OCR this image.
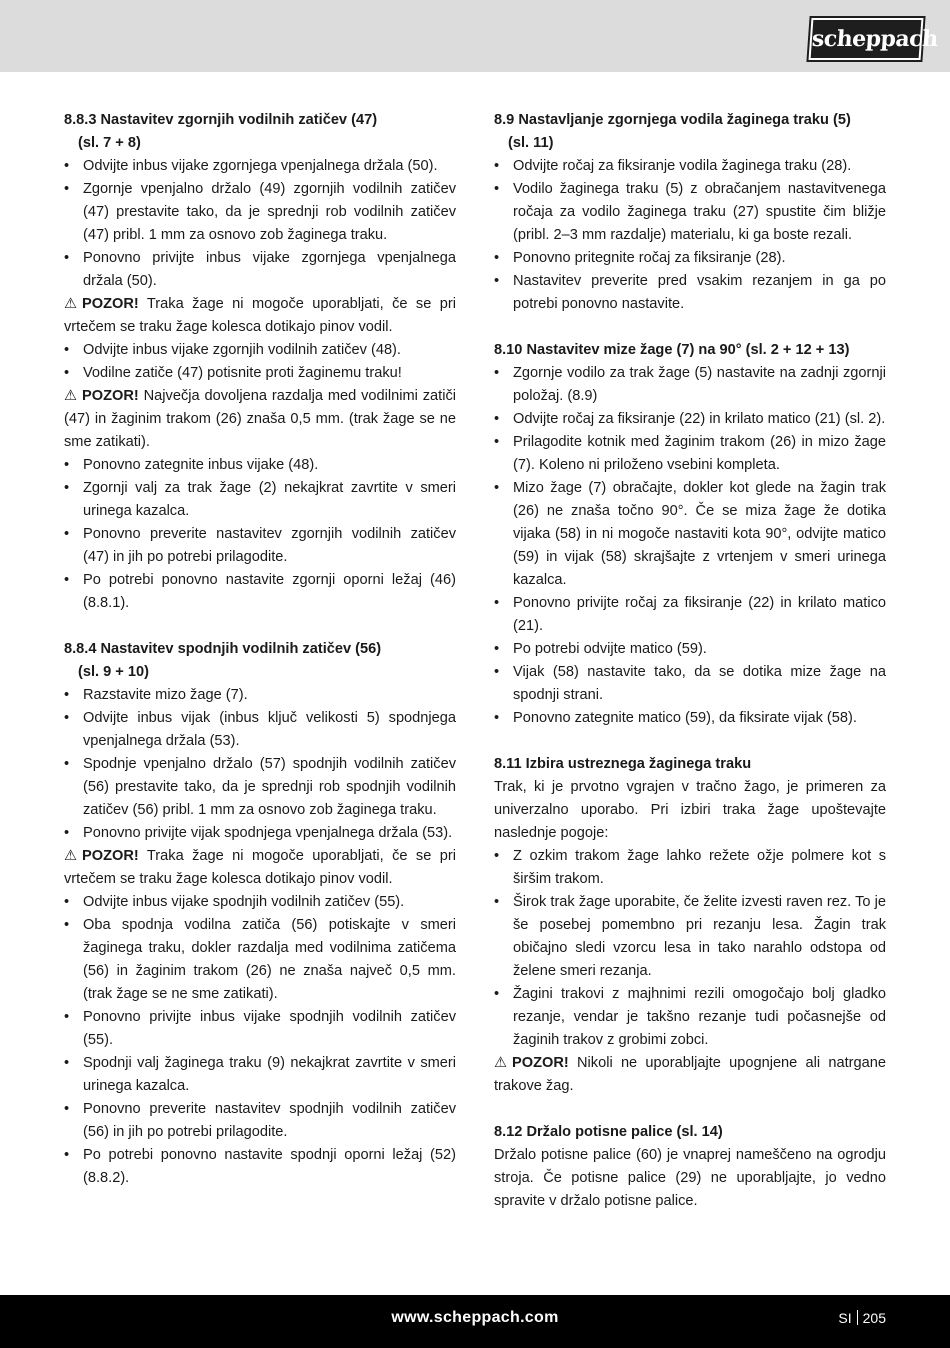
scheppach
8.8.3 Nastavitev zgornjih vodilnih zatičev (47)
(sl. 7 + 8)
• Odvijte inbus vijake zgornjega vpenjalnega držala (50).
• Zgornje vpenjalno držalo (49) zgornjih vodilnih zatičev (47) prestavite tako, da je sprednji rob vodilnih zatičev (47) pribl. 1 mm za osnovo zob žaginega traku.
• Ponovno privijte inbus vijake zgornjega vpenjalnega držala (50).

⚠ POZOR! Traka žage ni mogoče uporabljati, če se pri vrtečem se traku žage kolesca dotikajo pinov vodil.

• Odvijte inbus vijake zgornjih vodilnih zatičev (48).
• Vodilne zatiče (47) potisnite proti žaginemu traku!

⚠ POZOR! Največja dovoljena razdalja med vodilnimi zatiči (47) in žaginim trakom (26) znaša 0,5 mm. (trak žage se ne sme zatikati).

• Ponovno zategnite inbus vijake (48).
• Zgornji valj za trak žage (2) nekajkrat zavrtite v smeri urinega kazalca.
• Ponovno preverite nastavitev zgornjih vodilnih zatičev (47) in jih po potrebi prilagodite.
• Po potrebi ponovno nastavite zgornji oporni ležaj (46) (8.8.1).
8.8.4 Nastavitev spodnjih vodilnih zatičev (56)
(sl. 9 + 10)
• Razstavite mizo žage (7).
• Odvijte inbus vijak (inbus ključ velikosti 5) spodnjega vpenjalnega držala (53).
• Spodnje vpenjalno držalo (57) spodnjih vodilnih zatičev (56) prestavite tako, da je sprednji rob spodnjih vodilnih zatičev (56) pribl. 1 mm za osnovo zob žaginega traku.
• Ponovno privijte vijak spodnjega vpenjalnega držala (53).

⚠ POZOR! Traka žage ni mogoče uporabljati, če se pri vrtečem se traku žage kolesca dotikajo pinov vodil.

• Odvijte inbus vijake spodnjih vodilnih zatičev (55).
• Oba spodnja vodilna zatiča (56) potiskajte v smeri žaginega traku, dokler razdalja med vodilnima zatičema (56) in žaginim trakom (26) ne znaša največ 0,5 mm. (trak žage se ne sme zatikati).
• Ponovno privijte inbus vijake spodnjih vodilnih zatičev (55).
• Spodnji valj žaginega traku (9) nekajkrat zavrtite v smeri urinega kazalca.
• Ponovno preverite nastavitev spodnjih vodilnih zatičev (56) in jih po potrebi prilagodite.
• Po potrebi ponovno nastavite spodnji oporni ležaj (52) (8.8.2).
8.9 Nastavljanje zgornjega vodila žaginega traku (5)
(sl. 11)
• Odvijte ročaj za fiksiranje vodila žaginega traku (28).
• Vodilo žaginega traku (5) z obračanjem nastavitvenega ročaja za vodilo žaginega traku (27) spustite čim bližje (pribl. 2–3 mm razdalje) materialu, ki ga boste rezali.
• Ponovno pritegnite ročaj za fiksiranje (28).
• Nastavitev preverite pred vsakim rezanjem in ga po potrebi ponovno nastavite.
8.10 Nastavitev mize žage (7) na 90° (sl. 2 + 12 + 13)
• Zgornje vodilo za trak žage (5) nastavite na zadnji zgornji položaj. (8.9)
• Odvijte ročaj za fiksiranje (22) in krilato matico (21) (sl. 2).
• Prilagodite kotnik med žaginim trakom (26) in mizo žage (7). Koleno ni priloženo vsebini kompleta.
• Mizo žage (7) obračajte, dokler kot glede na žagin trak (26) ne znaša točno 90°. Če se miza žage že dotika vijaka (58) in ni mogoče nastaviti kota 90°, odvijte matico (59) in vijak (58) skrajšajte z vrtenjem v smeri urinega kazalca.
• Ponovno privijte ročaj za fiksiranje (22) in krilato matico (21).
• Po potrebi odvijte matico (59).
• Vijak (58) nastavite tako, da se dotika mize žage na spodnji strani.
• Ponovno zategnite matico (59), da fiksirate vijak (58).
8.11 Izbira ustreznega žaginega traku

Trak, ki je prvotno vgrajen v tračno žago, je primeren za univerzalno uporabo. Pri izbiri traka žage upoštevajte naslednje pogoje:

• Z ozkim trakom žage lahko režete ožje polmere kot s širšim trakom.
• Širok trak žage uporabite, če želite izvesti raven rez. To je še posebej pomembno pri rezanju lesa. Žagin trak običajno sledi vzorcu lesa in tako narahlo odstopa od želene smeri rezanja.
• Žagini trakovi z majhnimi rezili omogočajo bolj gladko rezanje, vendar je takšno rezanje tudi počasnejše od žaginih trakov z grobimi zobci.

⚠ POZOR! Nikoli ne uporabljajte upognjene ali natrgane trakove žag.

8.12 Držalo potisne palice (sl. 14)

Držalo potisne palice (60) je vnaprej nameščeno na ogrodju stroja. Če potisne palice (29) ne uporabljajte, jo vedno spravite v držalo potisne palice.

www.scheppach.com	SI 205
